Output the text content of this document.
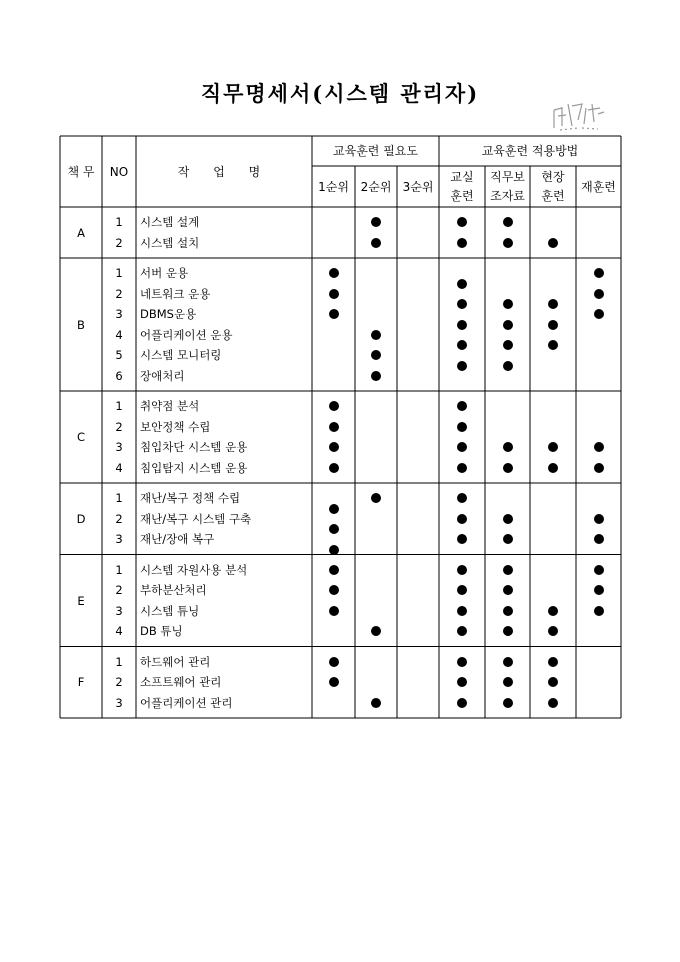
직무명세서(시스템 관리자)
책 무 NO	작 업 명
교육훈련 필요도	교육훈련 적용방법
1순위 2순위 3순위
교실
훈련
직무보
조자료
현장
훈련
재훈련
A
1 시스템 설계
2 시스템 설치
B
1 서버 운용
2 네트워크 운용
3 DBMS운용
4 어플리케이션 운용
5 시스템 모니터링
6 장애처리
C
1 취약점 분석
2 보안정책 수립
3 침입차단 시스템 운용
4 침입탐지 시스템 운용
D
1 재난/복구 정책 수립
2 재난/복구 시스템 구축
3 재난/장애 복구
E
1 시스템 자원사용 분석
2 부하분산처리
3 시스템 튜닝
4 DB 튜닝
F
1 하드웨어 관리
2 소프트웨어 관리
3 어플리케이션 관리
